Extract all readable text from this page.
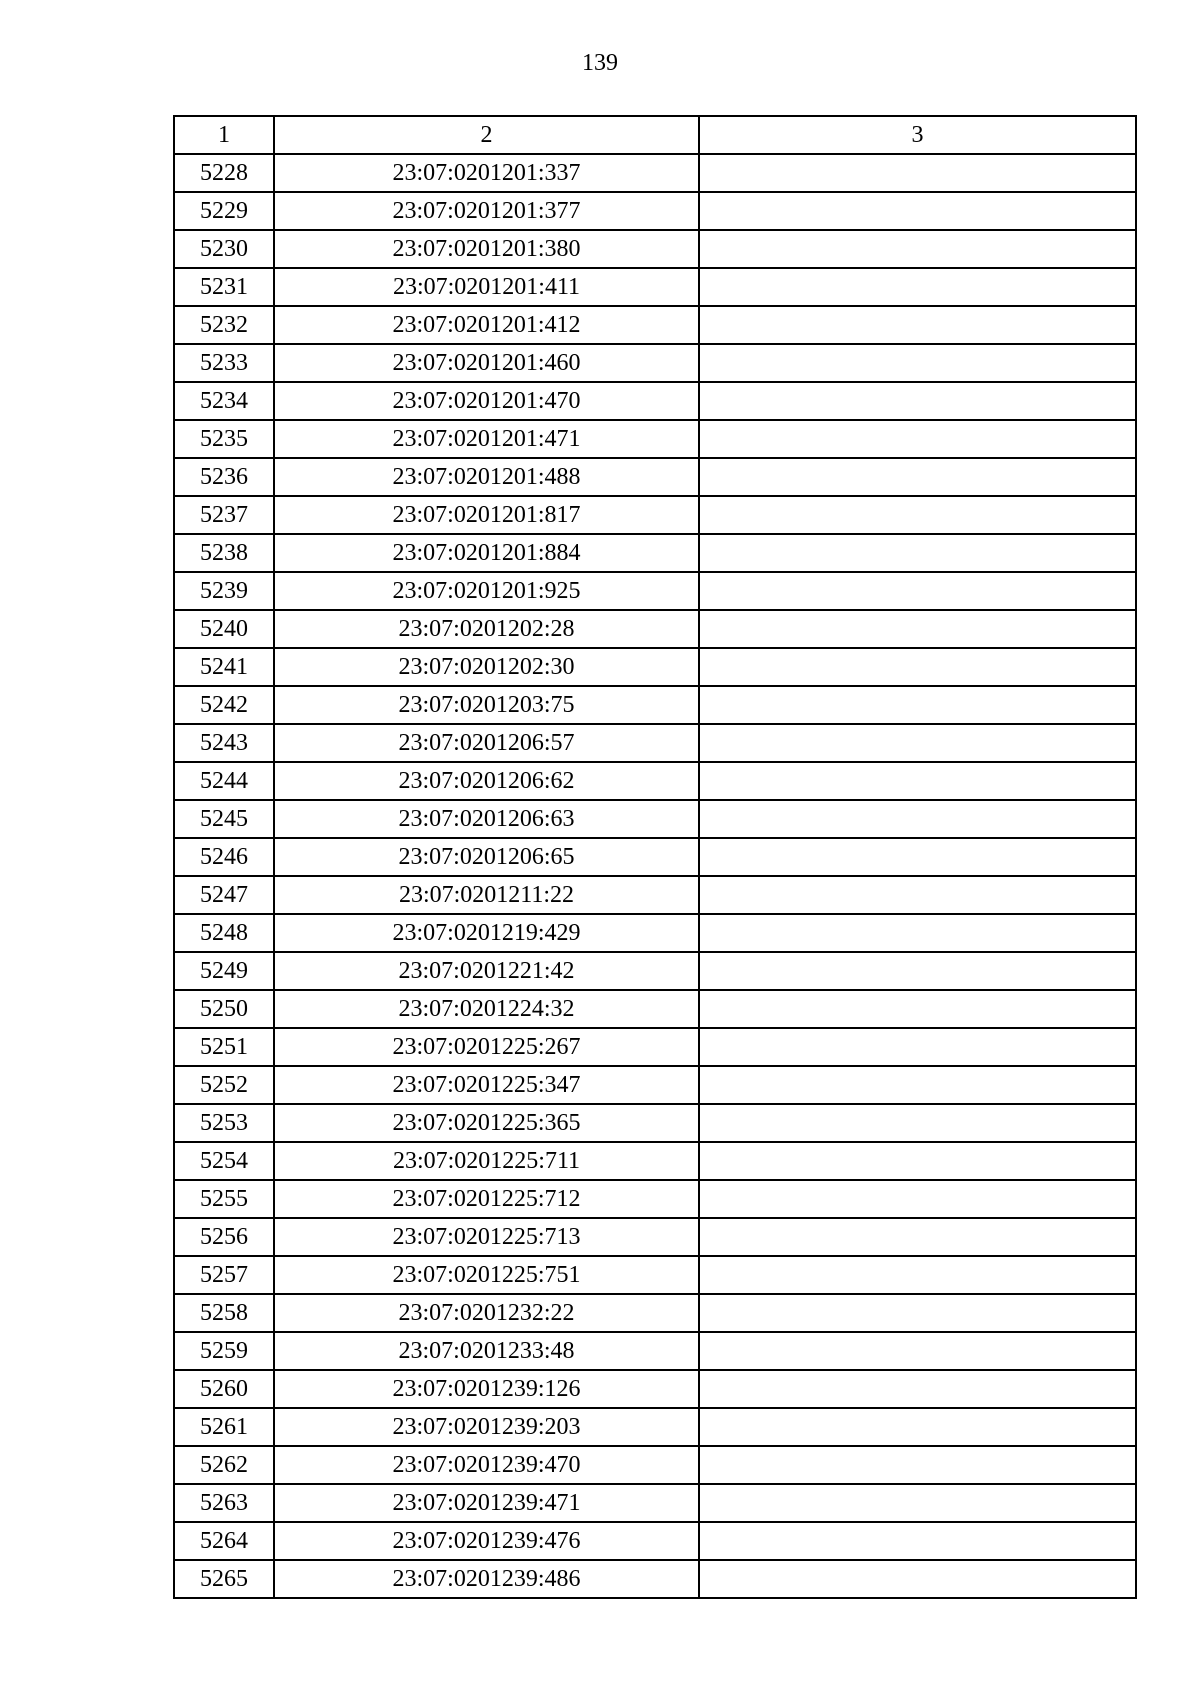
139
1	2	3
5228	23:07:0201201:337	
5229	23:07:0201201:377	
5230	23:07:0201201:380	
5231	23:07:0201201:411	
5232	23:07:0201201:412	
5233	23:07:0201201:460	
5234	23:07:0201201:470	
5235	23:07:0201201:471	
5236	23:07:0201201:488	
5237	23:07:0201201:817	
5238	23:07:0201201:884	
5239	23:07:0201201:925	
5240	23:07:0201202:28	
5241	23:07:0201202:30	
5242	23:07:0201203:75	
5243	23:07:0201206:57	
5244	23:07:0201206:62	
5245	23:07:0201206:63	
5246	23:07:0201206:65	
5247	23:07:0201211:22	
5248	23:07:0201219:429	
5249	23:07:0201221:42	
5250	23:07:0201224:32	
5251	23:07:0201225:267	
5252	23:07:0201225:347	
5253	23:07:0201225:365	
5254	23:07:0201225:711	
5255	23:07:0201225:712	
5256	23:07:0201225:713	
5257	23:07:0201225:751	
5258	23:07:0201232:22	
5259	23:07:0201233:48	
5260	23:07:0201239:126	
5261	23:07:0201239:203	
5262	23:07:0201239:470	
5263	23:07:0201239:471	
5264	23:07:0201239:476	
5265	23:07:0201239:486	
